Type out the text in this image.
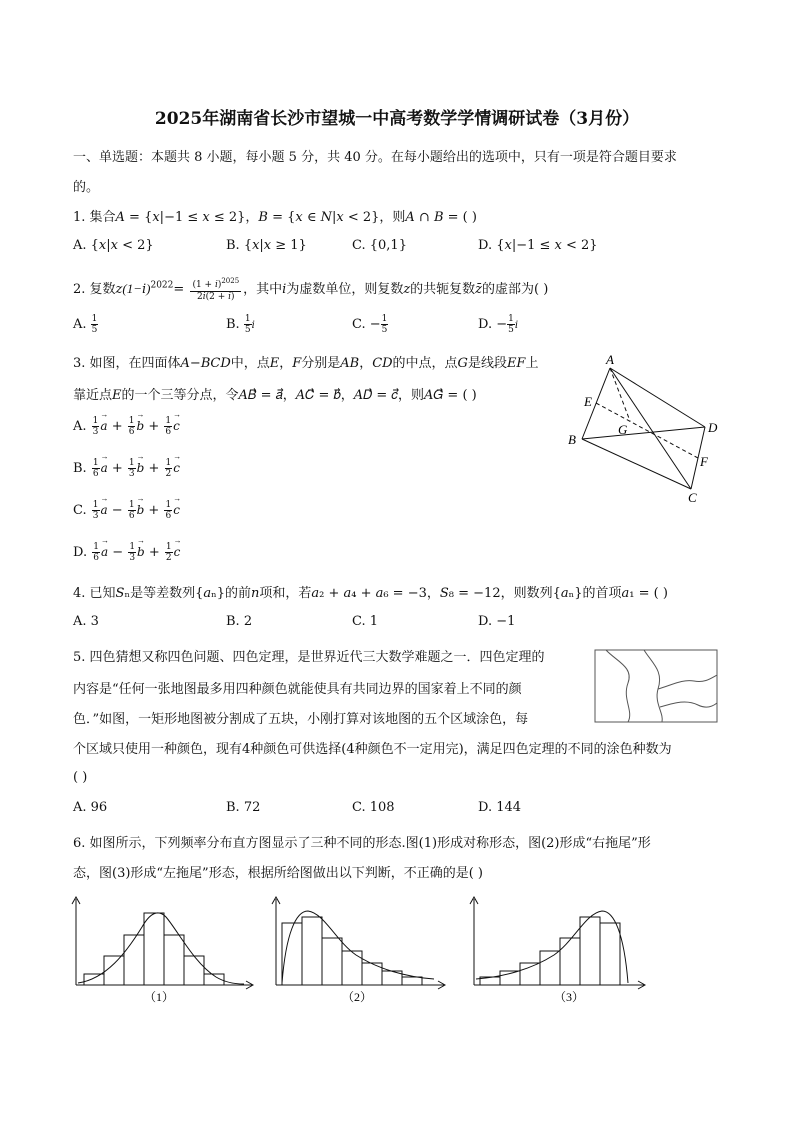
2025年湖南省长沙市望城一中高考数学学情调研试卷（3月份）
一、单选题：本题共 8 小题，每小题 5 分，共 40 分。在每小题给出的选项中，只有一项是符合题目要求
的。
1. 集合𝐴 = {𝑥|−1 ≤ 𝑥 ≤ 2}，𝐵 = {𝑥 ∈ 𝑁|𝑥 < 2}，则𝐴 ∩ 𝐵 = ( )
A. {𝑥|𝑥 < 2}	B. {𝑥|𝑥 ≥ 1}	C. {0,1}	D. {𝑥|−1 ≤ 𝑥 < 2}
2. 复数𝑧(1−𝑖)$^{2022}$= (1 + 𝑖)$^{2025}$
2𝑖(2 + 𝑖) ，其中𝑖为虚数单位，则复数𝑧的共轭复数𝑧̄的虚部为( )
A. $\frac{1}{5}$	B. $\frac{1}{5}$ 𝑖	C. − $\frac{1}{5}$	D. − $\frac{1}{5}$ 𝑖
3. 如图，在四面体𝐴−𝐵𝐶𝐷中，点𝐸，𝐹分别是𝐴𝐵，𝐶𝐷的中点，点𝐺是线段𝐸𝐹上
靠近点𝐸的一个三等分点，令𝐴𝐵⃗ = 𝑎⃗，𝐴𝐶⃗ = 𝑏⃗，𝐴𝐷⃗ = 𝑐⃗，则𝐴𝐺⃗ = ( )
A. $\frac{1}{3}$
→
𝑎 + $\frac{1}{6}$
→
𝑏 + $\frac{1}{6}$
→
𝑐
B. $\frac{1}{6}$
→
𝑎 + $\frac{1}{3}$
→
𝑏 + $\frac{1}{2}$
→
𝑐
C. $\frac{1}{3}$
→
𝑎 − $\frac{1}{6}$
→
𝑏 + $\frac{1}{6}$
→
𝑐
D. $\frac{1}{6}$
→
𝑎 − $\frac{1}{3}$
→
𝑏 + $\frac{1}{2}$
→
𝑐
A
B
C
D
E
F
G
4. 已知𝑆ₙ是等差数列{𝑎ₙ}的前𝑛项和，若𝑎₂ + 𝑎₄ + 𝑎₆ = −3，𝑆₈ = −12，则数列{𝑎ₙ}的首项𝑎₁ = ( )
A. 3	B. 2	C. 1	D. −1
5. 四色猜想又称四色问题、四色定理，是世界近代三大数学难题之一．四色定理的
内容是“任何一张地图最多用四种颜色就能使具有共同边界的国家着上不同的颜
色．”如图，一矩形地图被分割成了五块，小刚打算对该地图的五个区域涂色，每
个区域只使用一种颜色，现有4种颜色可供选择(4种颜色不一定用完)，满足四色定理的不同的涂色种数为
( )
A. 96	B. 72	C. 108	D. 144
6. 如图所示，下列频率分布直方图显示了三种不同的形态.图(1)形成对称形态，图(2)形成“右拖尾”形
态，图(3)形成“左拖尾”形态，根据所给图做出以下判断，不正确的是( )
（1）	（2）	（3）
